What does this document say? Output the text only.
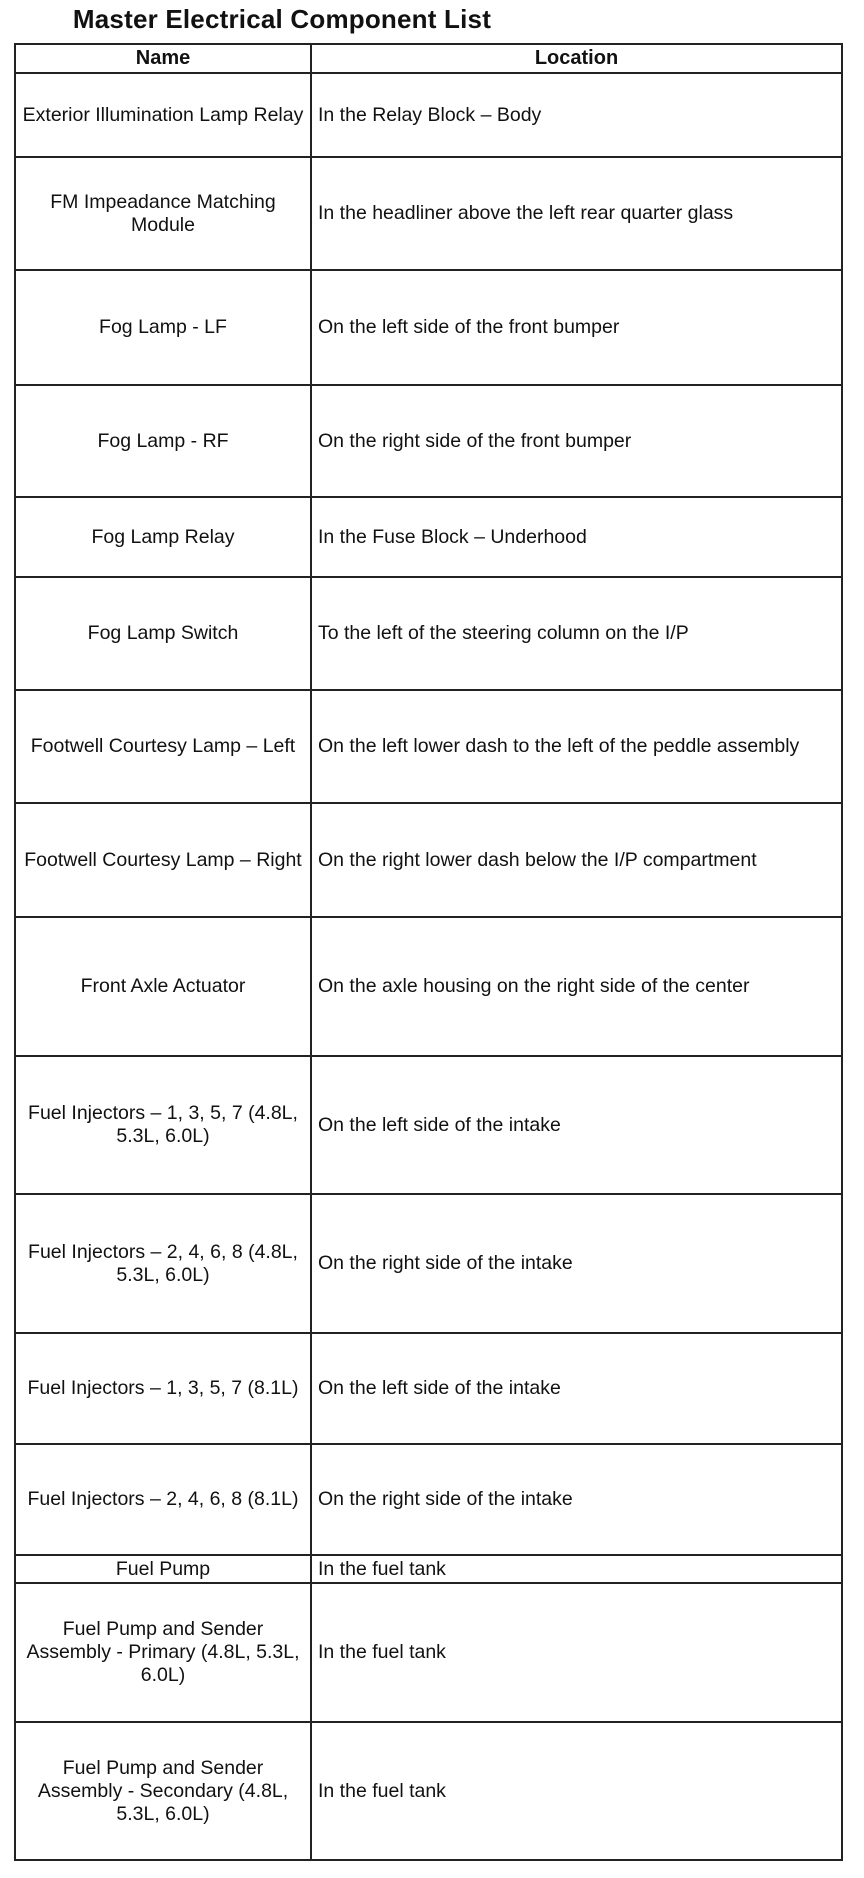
Master Electrical Component List
Name	Location
Exterior Illumination Lamp Relay	In the Relay Block – Body
FM Impeadance Matching Module	In the headliner above the left rear quarter glass
Fog Lamp - LF	On the left side of the front bumper
Fog Lamp - RF	On the right side of the front bumper
Fog Lamp Relay	In the Fuse Block – Underhood
Fog Lamp Switch	To the left of the steering column on the I/P
Footwell Courtesy Lamp – Left	On the left lower dash to the left of the peddle assembly
Footwell Courtesy Lamp – Right	On the right lower dash below the I/P compartment
Front Axle Actuator	On the axle housing on the right side of the center
Fuel Injectors – 1, 3, 5, 7 (4.8L, 5.3L, 6.0L)	On the left side of the intake
Fuel Injectors – 2, 4, 6, 8 (4.8L, 5.3L, 6.0L)	On the right side of the intake
Fuel Injectors – 1, 3, 5, 7 (8.1L)	On the left side of the intake
Fuel Injectors – 2, 4, 6, 8 (8.1L)	On the right side of the intake
Fuel Pump	In the fuel tank
Fuel Pump and Sender Assembly - Primary (4.8L, 5.3L, 6.0L)	In the fuel tank
Fuel Pump and Sender Assembly - Secondary (4.8L, 5.3L, 6.0L)	In the fuel tank
